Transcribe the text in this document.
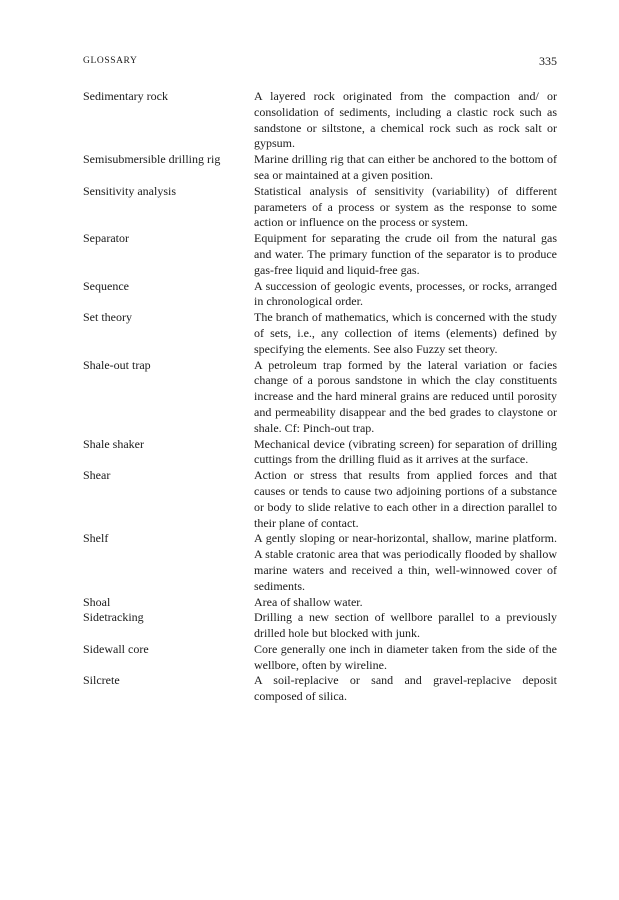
GLOSSARY	335
Sedimentary rock	A layered rock originated from the compaction and/ or consolidation of sediments, including a clastic rock such as sandstone or siltstone, a chemical rock such as rock salt or gypsum.
Semisubmersible drilling rig	Marine drilling rig that can either be anchored to the bottom of sea or maintained at a given position.
Sensitivity analysis	Statistical analysis of sensitivity (variability) of different parameters of a process or system as the response to some action or influence on the process or system.
Separator	Equipment for separating the crude oil from the natural gas and water. The primary function of the separator is to produce gas-free liquid and liquid-free gas.
Sequence	A succession of geologic events, processes, or rocks, arranged in chronological order.
Set theory	The branch of mathematics, which is concerned with the study of sets, i.e., any collection of items (elements) defined by specifying the elements. See also Fuzzy set theory.
Shale-out trap	A petroleum trap formed by the lateral variation or facies change of a porous sandstone in which the clay constituents increase and the hard mineral grains are reduced until porosity and permeability disappear and the bed grades to claystone or shale. Cf: Pinch-out trap.
Shale shaker	Mechanical device (vibrating screen) for separation of drilling cuttings from the drilling fluid as it arrives at the surface.
Shear	Action or stress that results from applied forces and that causes or tends to cause two adjoining portions of a substance or body to slide relative to each other in a direction parallel to their plane of contact.
Shelf	A gently sloping or near-horizontal, shallow, marine platform. A stable cratonic area that was periodically flooded by shallow marine waters and received a thin, well-winnowed cover of sediments.
Shoal	Area of shallow water.
Sidetracking	Drilling a new section of wellbore parallel to a previously drilled hole but blocked with junk.
Sidewall core	Core generally one inch in diameter taken from the side of the wellbore, often by wireline.
Silcrete	A soil-replacive or sand and gravel-replacive deposit composed of silica.
